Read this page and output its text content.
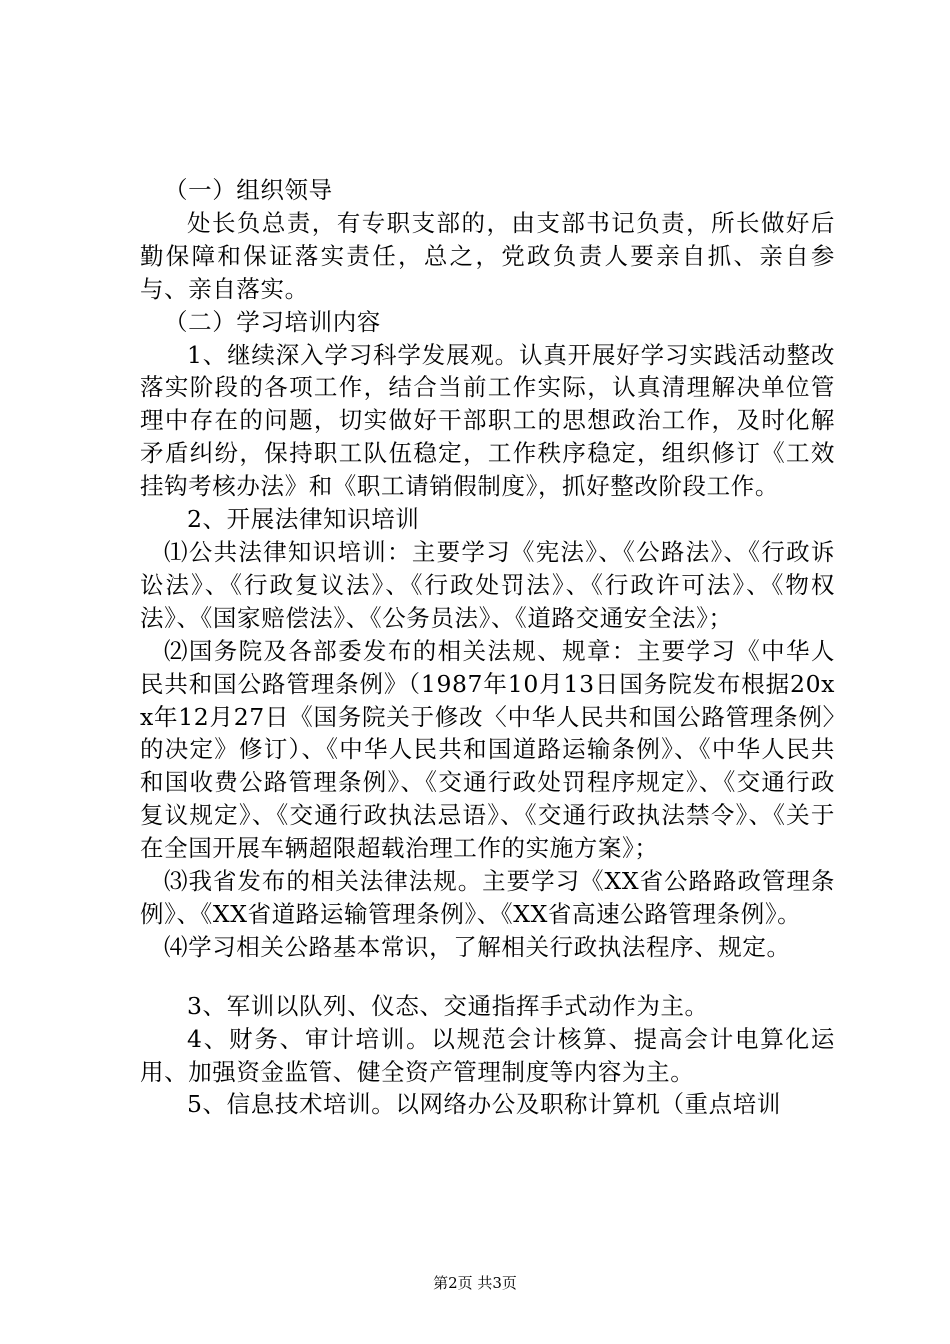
（一）组织领导

处长负总责，有专职支部的，由支部书记负责，所长做好后勤保障和保证落实责任，总之，党政负责人要亲自抓、亲自参与、亲自落实。

（二）学习培训内容

1、继续深入学习科学发展观。认真开展好学习实践活动整改落实阶段的各项工作，结合当前工作实际，认真清理解决单位管理中存在的问题，切实做好干部职工的思想政治工作，及时化解矛盾纠纷，保持职工队伍稳定，工作秩序稳定，组织修订《工效挂钩考核办法》和《职工请销假制度》，抓好整改阶段工作。

2、开展法律知识培训

⑴公共法律知识培训：主要学习《宪法》、《公路法》、《行政诉讼法》、《行政复议法》、《行政处罚法》、《行政许可法》、《物权法》、《国家赔偿法》、《公务员法》、《道路交通安全法》；

⑵国务院及各部委发布的相关法规、规章：主要学习《中华人民共和国公路管理条例》（1987年10月13日国务院发布根据20xx年12月27日《国务院关于修改〈中华人民共和国公路管理条例〉的决定》修订）、《中华人民共和国道路运输条例》、《中华人民共和国收费公路管理条例》、《交通行政处罚程序规定》、《交通行政复议规定》、《交通行政执法忌语》、《交通行政执法禁令》、《关于在全国开展车辆超限超载治理工作的实施方案》；

⑶我省发布的相关法律法规。主要学习《XX省公路路政管理条例》、《XX省道路运输管理条例》、《XX省高速公路管理条例》。

⑷学习相关公路基本常识，了解相关行政执法程序、规定。

3、军训以队列、仪态、交通指挥手式动作为主。

4、财务、审计培训。以规范会计核算、提高会计电算化运用、加强资金监管、健全资产管理制度等内容为主。

5、信息技术培训。以网络办公及职称计算机（重点培训

第2页 共3页
